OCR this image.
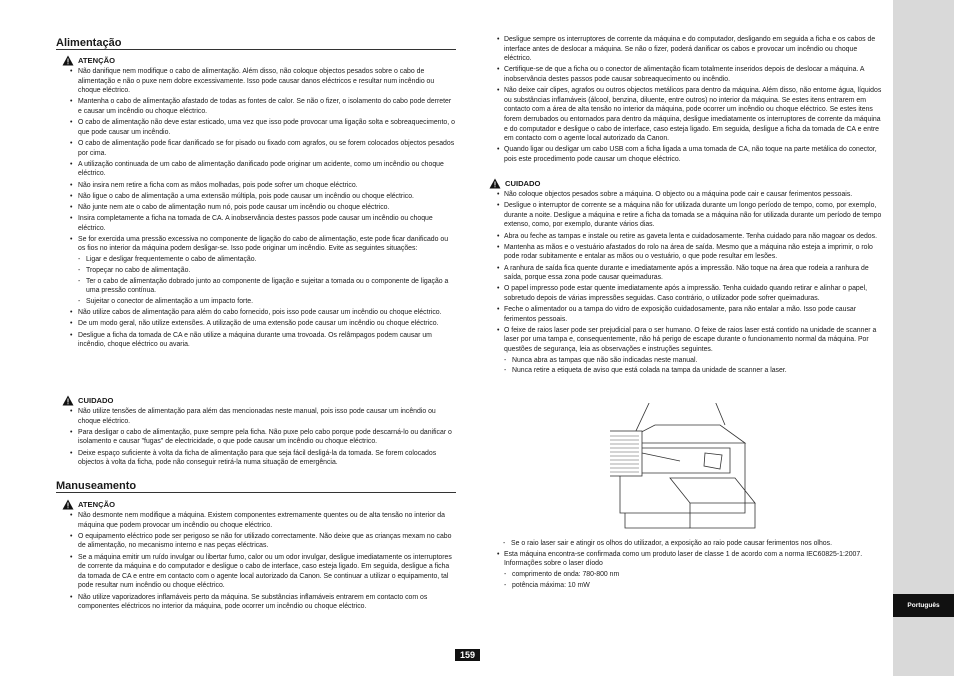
Alimentação
ATENÇÃO
• Não danifique nem modifique o cabo de alimentação. Além disso, não coloque objectos pesados sobre o cabo de alimentação e não o puxe nem dobre excessivamente. Isso pode causar danos eléctricos e resultar num incêndio ou choque eléctrico.
• Mantenha o cabo de alimentação afastado de todas as fontes de calor. Se não o fizer, o isolamento do cabo pode derreter e causar um incêndio ou choque eléctrico.
• O cabo de alimentação não deve estar esticado, uma vez que isso pode provocar uma ligação solta e sobreaquecimento, o que pode causar um incêndio.
• O cabo de alimentação pode ficar danificado se for pisado ou fixado com agrafos, ou se forem colocados objectos pesados por cima.
• A utilização continuada de um cabo de alimentação danificado pode originar um acidente, como um incêndio ou choque eléctrico.
• Não insira nem retire a ficha com as mãos molhadas, pois pode sofrer um choque eléctrico.
• Não ligue o cabo de alimentação a uma extensão múltipla, pois pode causar um incêndio ou choque eléctrico.
• Não junte nem ate o cabo de alimentação num nó, pois pode causar um incêndio ou choque eléctrico.
• Insira completamente a ficha na tomada de CA. A inobservância destes passos pode causar um incêndio ou choque eléctrico.
• Se for exercida uma pressão excessiva no componente de ligação do cabo de alimentação, este pode ficar danificado ou os fios no interior da máquina podem desligar-se. Isso pode originar um incêndio. Evite as seguintes situações:
- Ligar e desligar frequentemente o cabo de alimentação.
- Tropeçar no cabo de alimentação.
- Ter o cabo de alimentação dobrado junto ao componente de ligação e sujeitar a tomada ou o componente de ligação a uma pressão contínua.
- Sujeitar o conector de alimentação a um impacto forte.
• Não utilize cabos de alimentação para além do cabo fornecido, pois isso pode causar um incêndio ou choque eléctrico.
• De um modo geral, não utilize extensões. A utilização de uma extensão pode causar um incêndio ou choque eléctrico.
• Desligue a ficha da tomada de CA e não utilize a máquina durante uma trovoada. Os relâmpagos podem causar um incêndio, choque eléctrico ou avaria.
CUIDADO
• Não utilize tensões de alimentação para além das mencionadas neste manual, pois isso pode causar um incêndio ou choque eléctrico.
• Para desligar o cabo de alimentação, puxe sempre pela ficha. Não puxe pelo cabo porque pode descarná-lo ou danificar o isolamento e causar "fugas" de electricidade, o que pode causar um incêndio ou choque eléctrico.
• Deixe espaço suficiente à volta da ficha de alimentação para que seja fácil desligá-la da tomada. Se forem colocados objectos à volta da ficha, pode não conseguir retirá-la numa situação de emergência.
Manuseamento
ATENÇÃO
• Não desmonte nem modifique a máquina. Existem componentes extremamente quentes ou de alta tensão no interior da máquina que podem provocar um incêndio ou choque eléctrico.
• O equipamento eléctrico pode ser perigoso se não for utilizado correctamente. Não deixe que as crianças mexam no cabo de alimentação, no mecanismo interno e nas peças eléctricas.
• Se a máquina emitir um ruído invulgar ou libertar fumo, calor ou um odor invulgar, desligue imediatamente os interruptores de corrente da máquina e do computador e desligue o cabo de interface, caso esteja ligado. Em seguida, desligue a ficha da tomada de CA e entre em contacto com o agente local autorizado da Canon. Se continuar a utilizar o equipamento, tal pode resultar num incêndio ou choque eléctrico.
• Não utilize vaporizadores inflamáveis perto da máquina. Se substâncias inflamáveis entrarem em contacto com os componentes eléctricos no interior da máquina, pode ocorrer um incêndio ou choque eléctrico.
• Desligue sempre os interruptores de corrente da máquina e do computador, desligando em seguida a ficha e os cabos de interface antes de deslocar a máquina. Se não o fizer, poderá danificar os cabos e provocar um incêndio ou choque eléctrico.
• Certifique-se de que a ficha ou o conector de alimentação ficam totalmente inseridos depois de deslocar a máquina. A inobservância destes passos pode causar sobreaquecimento ou incêndio.
• Não deixe cair clipes, agrafos ou outros objectos metálicos para dentro da máquina. Além disso, não entorne água, líquidos ou substâncias inflamáveis (álcool, benzina, diluente, entre outros) no interior da máquina. Se estes itens entrarem em contacto com a área de alta tensão no interior da máquina, pode ocorrer um incêndio ou choque eléctrico. Se estes itens forem derrubados ou entornados para dentro da máquina, desligue imediatamente os interruptores de corrente da máquina e do computador e desligue o cabo de interface, caso esteja ligado. Em seguida, desligue a ficha da tomada de CA e entre em contacto com o agente local autorizado da Canon.
• Quando ligar ou desligar um cabo USB com a ficha ligada a uma tomada de CA, não toque na parte metálica do conector, pois este procedimento pode causar um choque eléctrico.
CUIDADO
• Não coloque objectos pesados sobre a máquina. O objecto ou a máquina pode cair e causar ferimentos pessoais.
• Desligue o interruptor de corrente se a máquina não for utilizada durante um longo período de tempo, como, por exemplo, durante a noite. Desligue a máquina e retire a ficha da tomada se a máquina não for utilizada durante um período de tempo extenso, como, por exemplo, durante vários dias.
• Abra ou feche as tampas e instale ou retire as gaveta lenta e cuidadosamente. Tenha cuidado para não magoar os dedos.
• Mantenha as mãos e o vestuário afastados do rolo na área de saída. Mesmo que a máquina não esteja a imprimir, o rolo pode rodar subitamente e entalar as mãos ou o vestuário, o que pode resultar em lesões.
• A ranhura de saída fica quente durante e imediatamente após a impressão. Não toque na área que rodeia a ranhura de saída, porque essa zona pode causar queimaduras.
• O papel impresso pode estar quente imediatamente após a impressão. Tenha cuidado quando retirar e alinhar o papel, sobretudo depois de várias impressões seguidas. Caso contrário, o utilizador pode sofrer queimaduras.
• Feche o alimentador ou a tampa do vidro de exposição cuidadosamente, para não entalar a mão. Isso pode causar ferimentos pessoais.
• O feixe de raios laser pode ser prejudicial para o ser humano. O feixe de raios laser está contido na unidade de scanner a laser por uma tampa e, consequentemente, não há perigo de escape durante o funcionamento normal da máquina. Por questões de segurança, leia as observações e instruções seguintes.
- Nunca abra as tampas que não são indicadas neste manual.
- Nunca retire a etiqueta de aviso que está colada na tampa da unidade de scanner a laser.
- Se o raio laser sair e atingir os olhos do utilizador, a exposição ao raio pode causar ferimentos nos olhos.
• Esta máquina encontra-se confirmada como um produto laser de classe 1 de acordo com a norma IEC60825-1:2007.
Informações sobre o laser díodo
- comprimento de onda: 780-800 nm
- potência máxima: 10 mW
159
Português
